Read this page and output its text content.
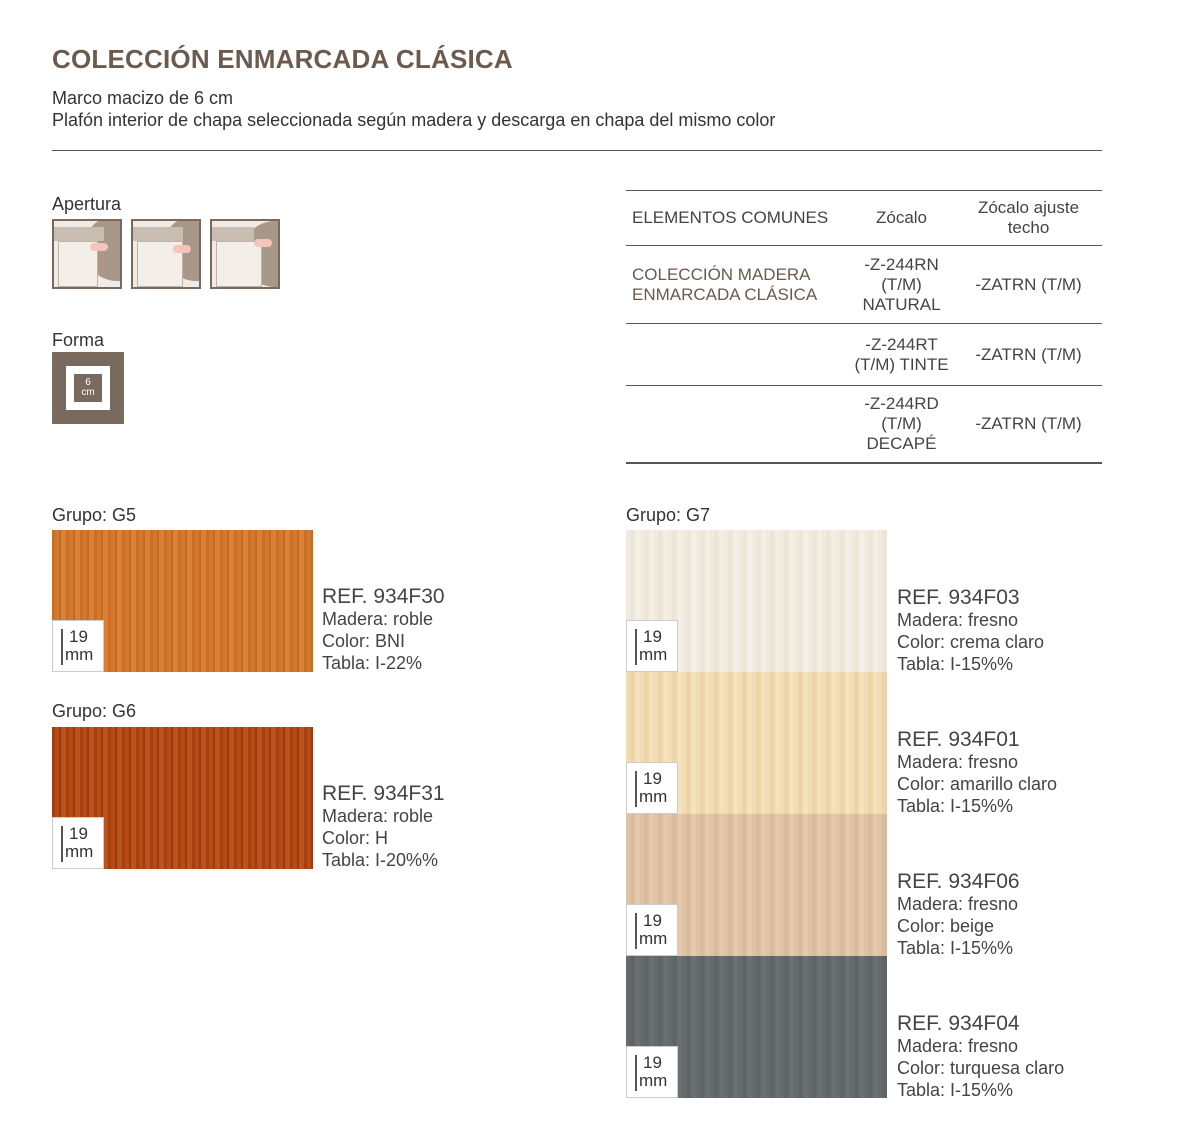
COLECCIÓN ENMARCADA CLÁSICA
Marco macizo de 6 cm
Plafón interior de chapa seleccionada según madera y descarga en chapa del mismo color
Apertura
Forma
6
cm
ELEMENTOS COMUNES	Zócalo	Zócalo ajuste techo
COLECCIÓN MADERA ENMARCADA CLÁSICA	-Z-244RN (T/M) NATURAL	-ZATRN (T/M)
	-Z-244RT (T/M) TINTE	-ZATRN (T/M)
	-Z-244RD (T/M) DECAPÉ	-ZATRN (T/M)
Grupo: G5
19
mm
REF. 934F30
Madera: roble
Color: BNI
Tabla: I-22%
Grupo: G6
19
mm
REF. 934F31
Madera: roble
Color: H
Tabla: I-20%%
Grupo: G7
19
mm
REF. 934F03
Madera: fresno
Color: crema claro
Tabla: I-15%%
19
mm
REF. 934F01
Madera: fresno
Color: amarillo claro
Tabla: I-15%%
19
mm
REF. 934F06
Madera: fresno
Color: beige
Tabla: I-15%%
19
mm
REF. 934F04
Madera: fresno
Color: turquesa claro
Tabla: I-15%%
